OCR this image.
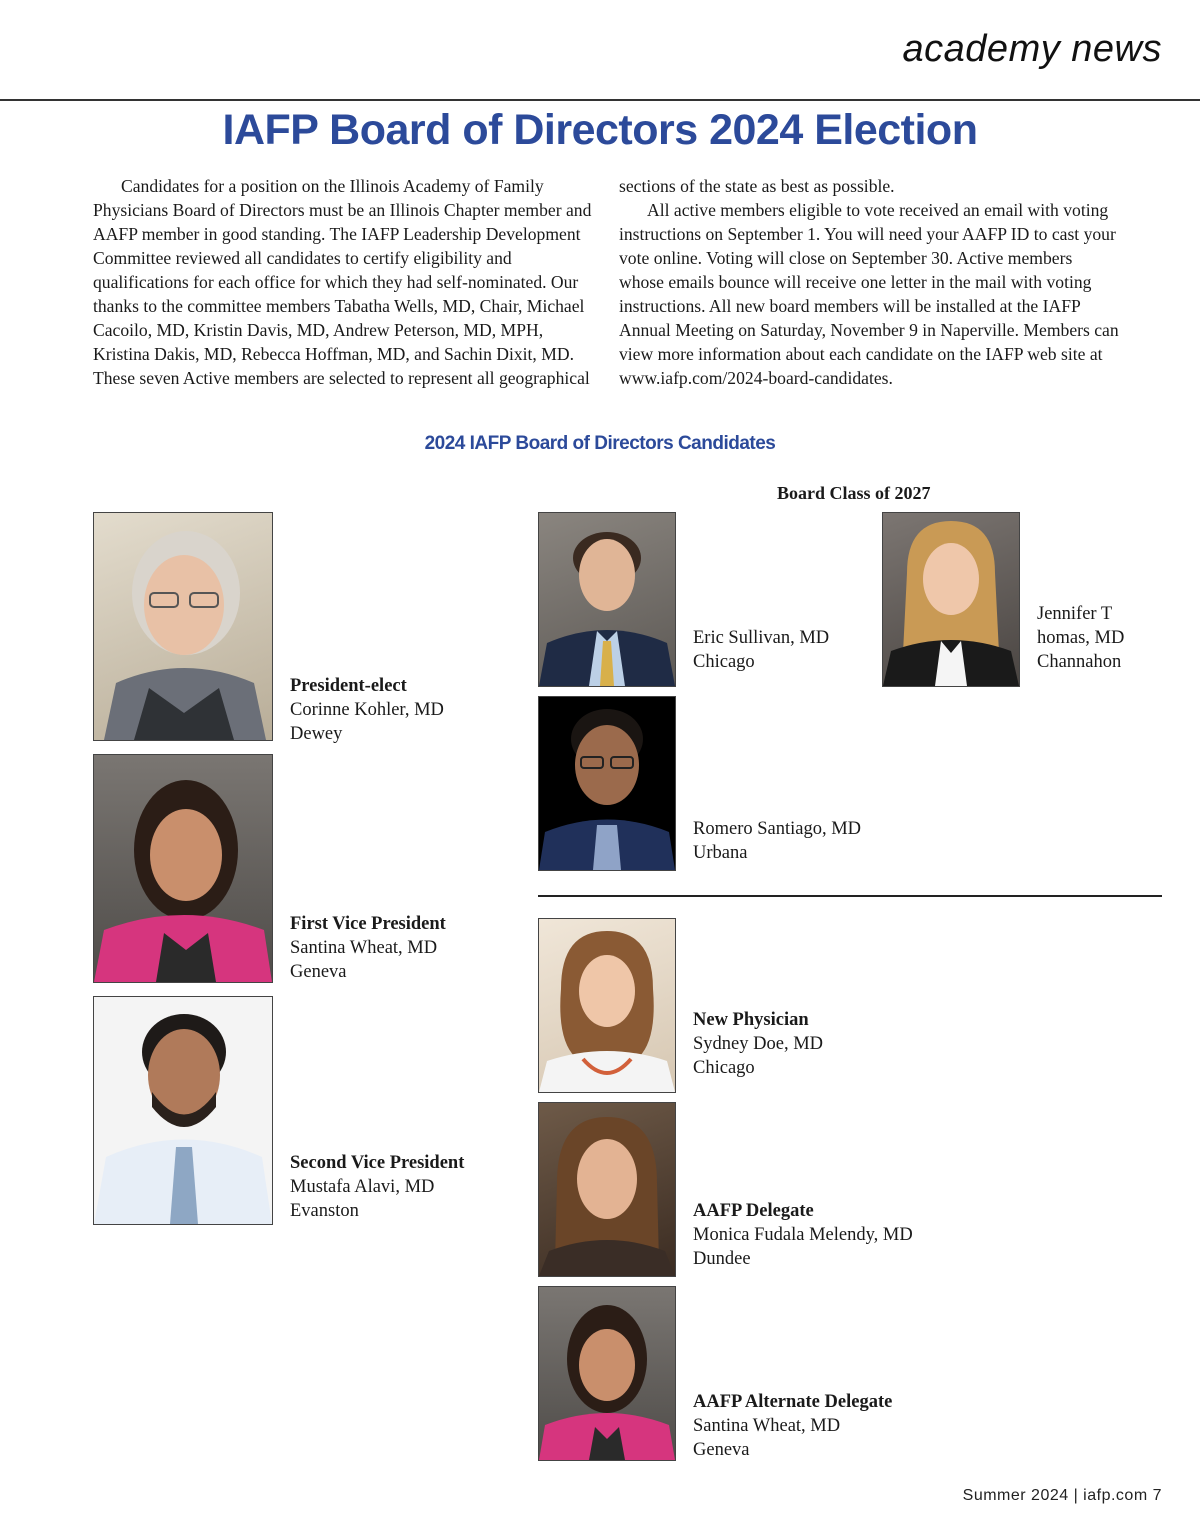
academy news
IAFP Board of Directors 2024 Election

Candidates for a position on the Illinois Academy of Family Physicians Board of Directors must be an Illinois Chapter member and AAFP member in good standing. The IAFP Leadership Development Committee reviewed all candidates to certify eligibility and qualifications for each office for which they had self-nominated. Our thanks to the committee members Tabatha Wells, MD, Chair, Michael Cacoilo, MD, Kristin Davis, MD, Andrew Peterson, MD, MPH, Kristina Dakis, MD, Rebecca Hoffman, MD, and Sachin Dixit, MD. These seven Active members are selected to represent all geographical

sections of the state as best as possible.

All active members eligible to vote received an email with voting instructions on September 1. You will need your AAFP ID to cast your vote online. Voting will close on September 30. Active members whose emails bounce will receive one letter in the mail with voting instructions. All new board members will be installed at the IAFP Annual Meeting on Saturday, November 9 in Naperville. Members can view more information about each candidate on the IAFP web site at www.iafp.com/2024-board-candidates.

2024 IAFP Board of Directors Candidates
Board Class of 2027
President-elect
Corinne Kohler, MD
Dewey
First Vice President
Santina Wheat, MD
Geneva
Second Vice President
Mustafa Alavi, MD
Evanston
Eric Sullivan, MD
Chicago
Jennifer T
homas, MD
Channahon
Romero Santiago, MD
Urbana
New Physician
Sydney Doe, MD
Chicago
AAFP Delegate
Monica Fudala Melendy, MD
Dundee
AAFP Alternate Delegate
Santina Wheat, MD
Geneva
Summer 2024 | iafp.com 7
